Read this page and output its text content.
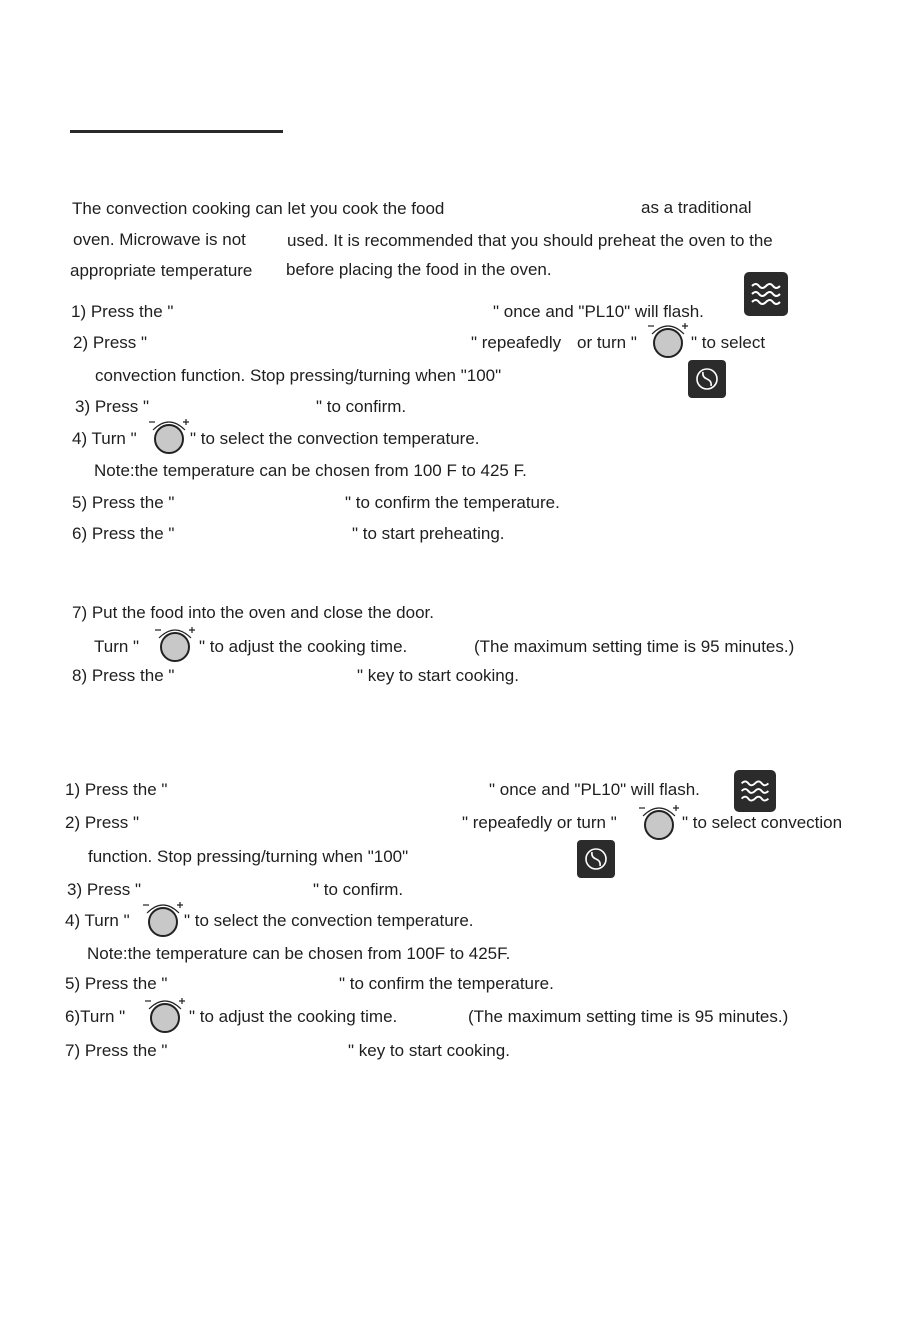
The convection cooking can let you cook the food	as a traditional
oven. Microwave is not used. It is recommended that you should preheat the oven to the
appropriate temperature before placing the food in the oven.
1) Press the "	" once and "PL10" will flash.
2) Press "	" repeafedly or turn "	" to select
convection function. Stop pressing/turning when "100"
3) Press "	" to confirm.
4) Turn "	" to select the convection temperature.
Note:the temperature can be chosen from 100 F to 425 F.
5) Press the "	" to confirm the temperature.
6) Press the "	" to start preheating.
7) Put the food into the oven and close the door.
Turn "	" to adjust the cooking time.	(The maximum setting time is 95 minutes.)
8) Press the "	" key to start cooking.
1) Press the "	" once and "PL10" will flash.
2) Press "	" repeafedly or turn "	" to select convection
function. Stop pressing/turning when "100"
3) Press "	" to confirm.
4) Turn "	" to select the convection temperature.
Note:the temperature can be chosen from 100F to 425F.
5) Press the "	" to confirm the temperature.
6)Turn "	" to adjust the cooking time.	(The maximum setting time is 95 minutes.)
7) Press the "	" key to start cooking.
